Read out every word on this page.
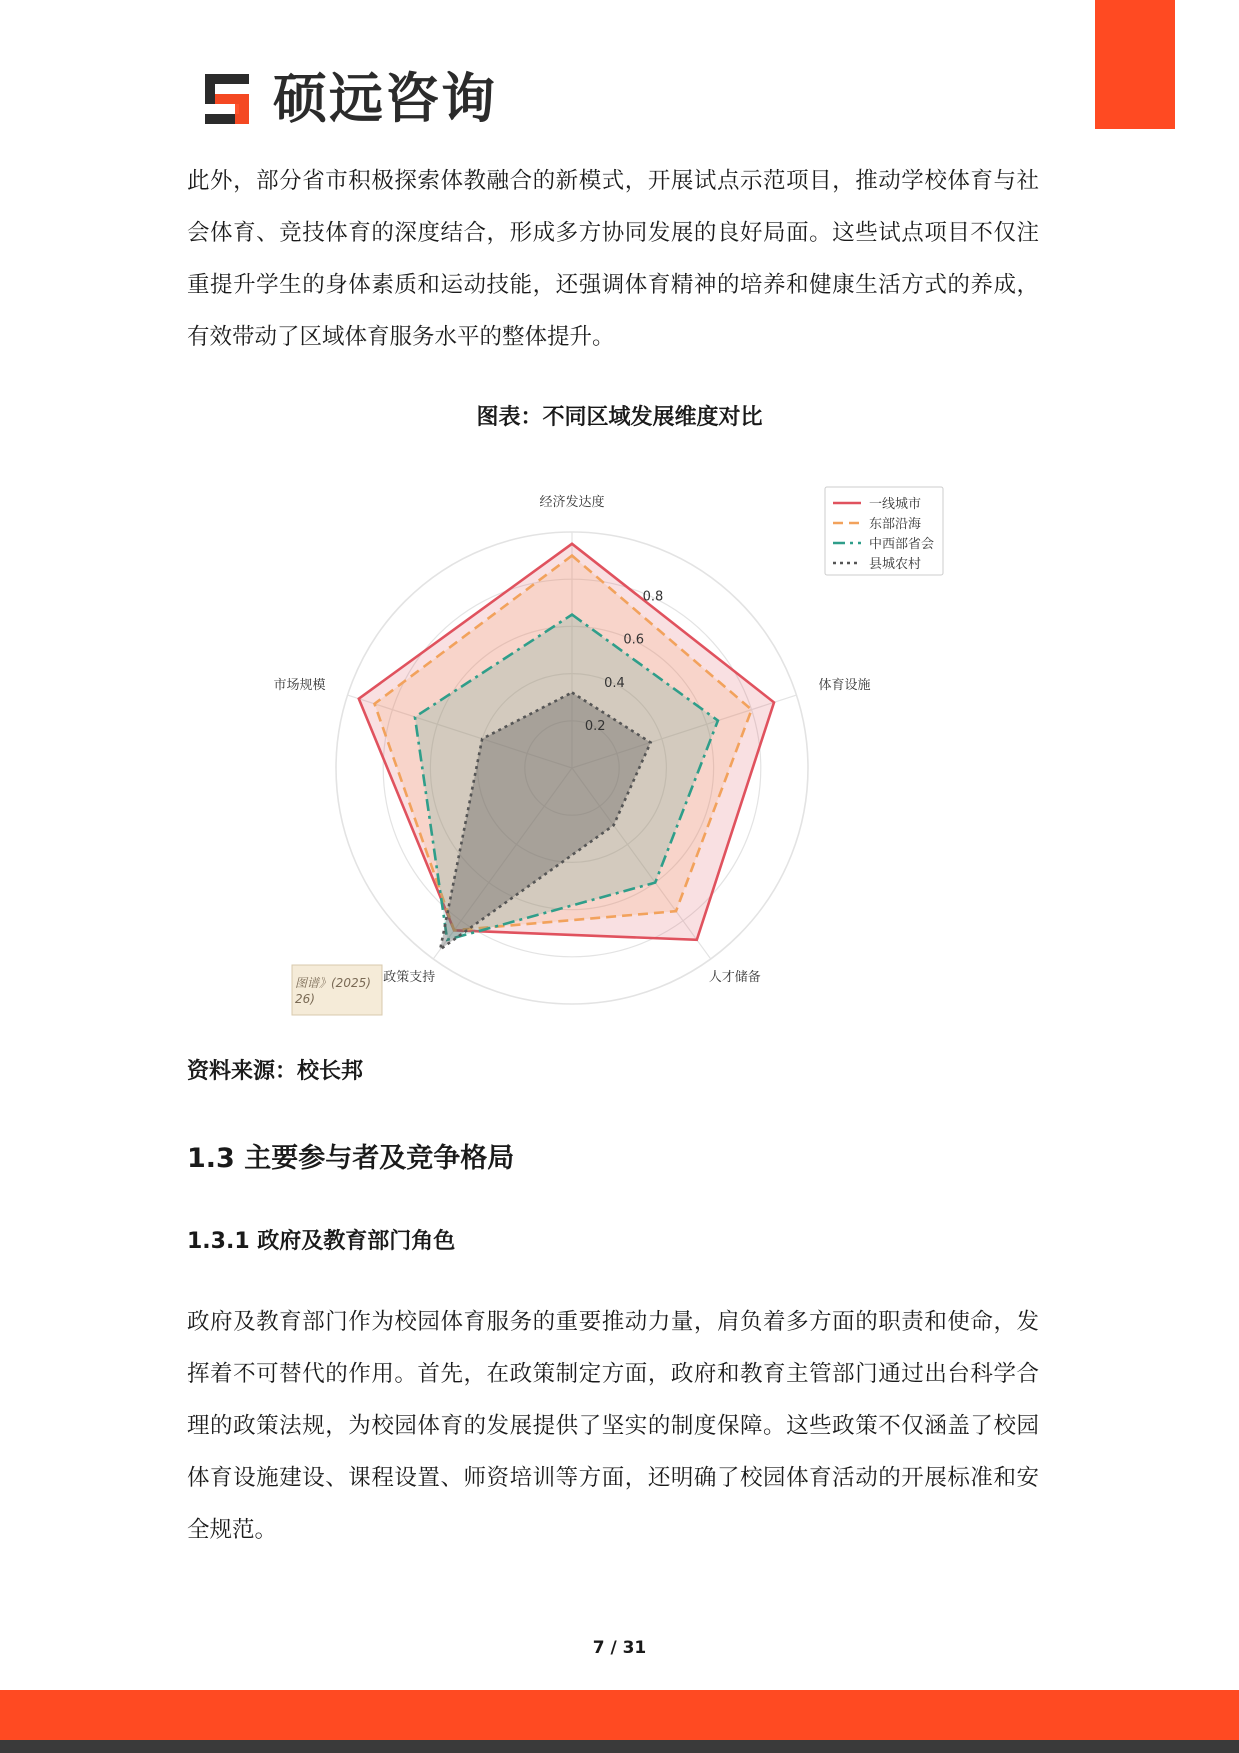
硕远咨询

此外，部分省市积极探索体教融合的新模式，开展试点示范项目，推动学校体育与社会体育、竞技体育的深度结合，形成多方协同发展的良好局面。这些试点项目不仅注重提升学生的身体素质和运动技能，还强调体育精神的培养和健康生活方式的养成，有效带动了区域体育服务水平的整体提升。

图表：不同区域发展维度对比
0.2
0.4
0.6
0.8
经济发达度
体育设施
人才储备
政策支持
市场规模
一线城市
东部沿海
中西部省会
县城农村
图谱》(2025)
26)
资料来源：校长邦
1.3 主要参与者及竞争格局
1.3.1 政府及教育部门角色

政府及教育部门作为校园体育服务的重要推动力量，肩负着多方面的职责和使命，发挥着不可替代的作用。首先，在政策制定方面，政府和教育主管部门通过出台科学合理的政策法规，为校园体育的发展提供了坚实的制度保障。这些政策不仅涵盖了校园体育设施建设、课程设置、师资培训等方面，还明确了校园体育活动的开展标准和安全规范。

7 / 31
